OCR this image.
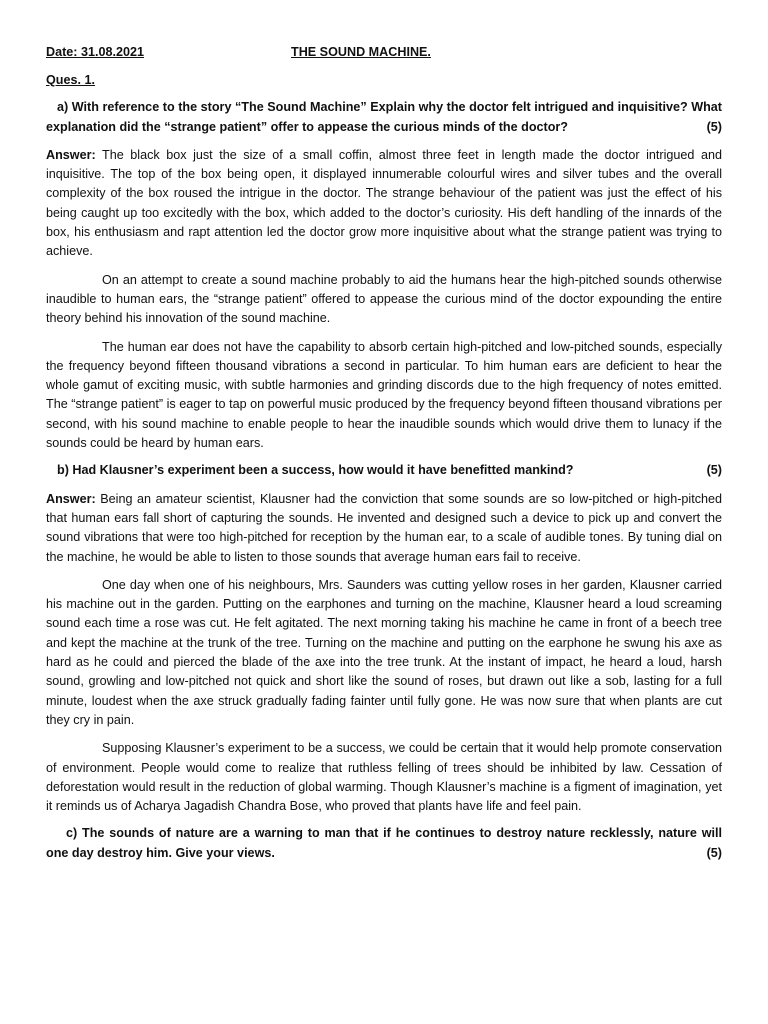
Date: 31.08.2021	THE SOUND MACHINE.
Ques. 1.

a) With reference to the story “The Sound Machine” Explain why the doctor felt intrigued and inquisitive? What explanation did the “strange patient” offer to appease the curious minds of the doctor?	(5)

Answer: The black box just the size of a small coffin, almost three feet in length made the doctor intrigued and inquisitive. The top of the box being open, it displayed innumerable colourful wires and silver tubes and the overall complexity of the box roused the intrigue in the doctor. The strange behaviour of the patient was just the effect of his being caught up too excitedly with the box, which added to the doctor’s curiosity. His deft handling of the innards of the box, his enthusiasm and rapt attention led the doctor grow more inquisitive about what the strange patient was trying to achieve.

On an attempt to create a sound machine probably to aid the humans hear the high-pitched sounds otherwise inaudible to human ears, the “strange patient” offered to appease the curious mind of the doctor expounding the entire theory behind his innovation of the sound machine.

The human ear does not have the capability to absorb certain high-pitched and low-pitched sounds, especially the frequency beyond fifteen thousand vibrations a second in particular. To him human ears are deficient to hear the whole gamut of exciting music, with subtle harmonies and grinding discords due to the high frequency of notes emitted. The “strange patient” is eager to tap on powerful music produced by the frequency beyond fifteen thousand vibrations per second, with his sound machine to enable people to hear the inaudible sounds which would drive them to lunacy if the sounds could be heard by human ears.

b) Had Klausner’s experiment been a success, how would it have benefitted mankind?	(5)

Answer: Being an amateur scientist, Klausner had the conviction that some sounds are so low-pitched or high-pitched that human ears fall short of capturing the sounds. He invented and designed such a device to pick up and convert the sound vibrations that were too high-pitched for reception by the human ear, to a scale of audible tones. By tuning dial on the machine, he would be able to listen to those sounds that average human ears fail to receive.

One day when one of his neighbours, Mrs. Saunders was cutting yellow roses in her garden, Klausner carried his machine out in the garden. Putting on the earphones and turning on the machine, Klausner heard a loud screaming sound each time a rose was cut. He felt agitated. The next morning taking his machine he came in front of a beech tree and kept the machine at the trunk of the tree. Turning on the machine and putting on the earphone he swung his axe as hard as he could and pierced the blade of the axe into the tree trunk. At the instant of impact, he heard a loud, harsh sound, growling and low-pitched not quick and short like the sound of roses, but drawn out like a sob, lasting for a full minute, loudest when the axe struck gradually fading fainter until fully gone. He was now sure that when plants are cut they cry in pain.

Supposing Klausner’s experiment to be a success, we could be certain that it would help promote conservation of environment. People would come to realize that ruthless felling of trees should be inhibited by law. Cessation of deforestation would result in the reduction of global warming. Though Klausner’s machine is a figment of imagination, yet it reminds us of Acharya Jagadish Chandra Bose, who proved that plants have life and feel pain.

c) The sounds of nature are a warning to man that if he continues to destroy nature recklessly, nature will one day destroy him. Give your views.	(5)
